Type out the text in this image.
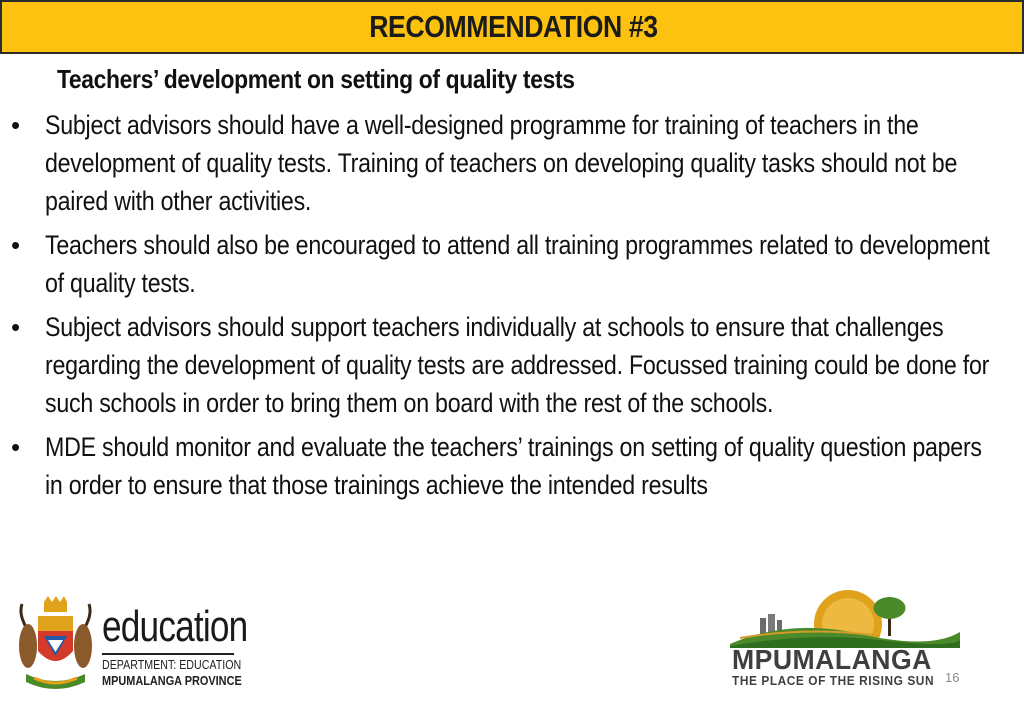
RECOMMENDATION #3
Teachers’ development on setting of quality tests
• Subject advisors should have a well-designed programme for training of teachers in the development of quality tests. Training of teachers on developing quality tasks should not be paired with other activities.
• Teachers should also be encouraged to attend all training programmes related to development of quality tests.
• Subject advisors should support teachers individually at schools to ensure that challenges regarding the development of quality tests are addressed. Focussed training could be done for such schools in order to bring them on board with the rest of the schools.
• MDE should monitor and evaluate the teachers’ trainings on setting of quality question papers in order to ensure that those trainings achieve the intended results
education
DEPARTMENT: EDUCATION
MPUMALANGA PROVINCE
MPUMALANGA
THE PLACE OF THE RISING SUN 16
